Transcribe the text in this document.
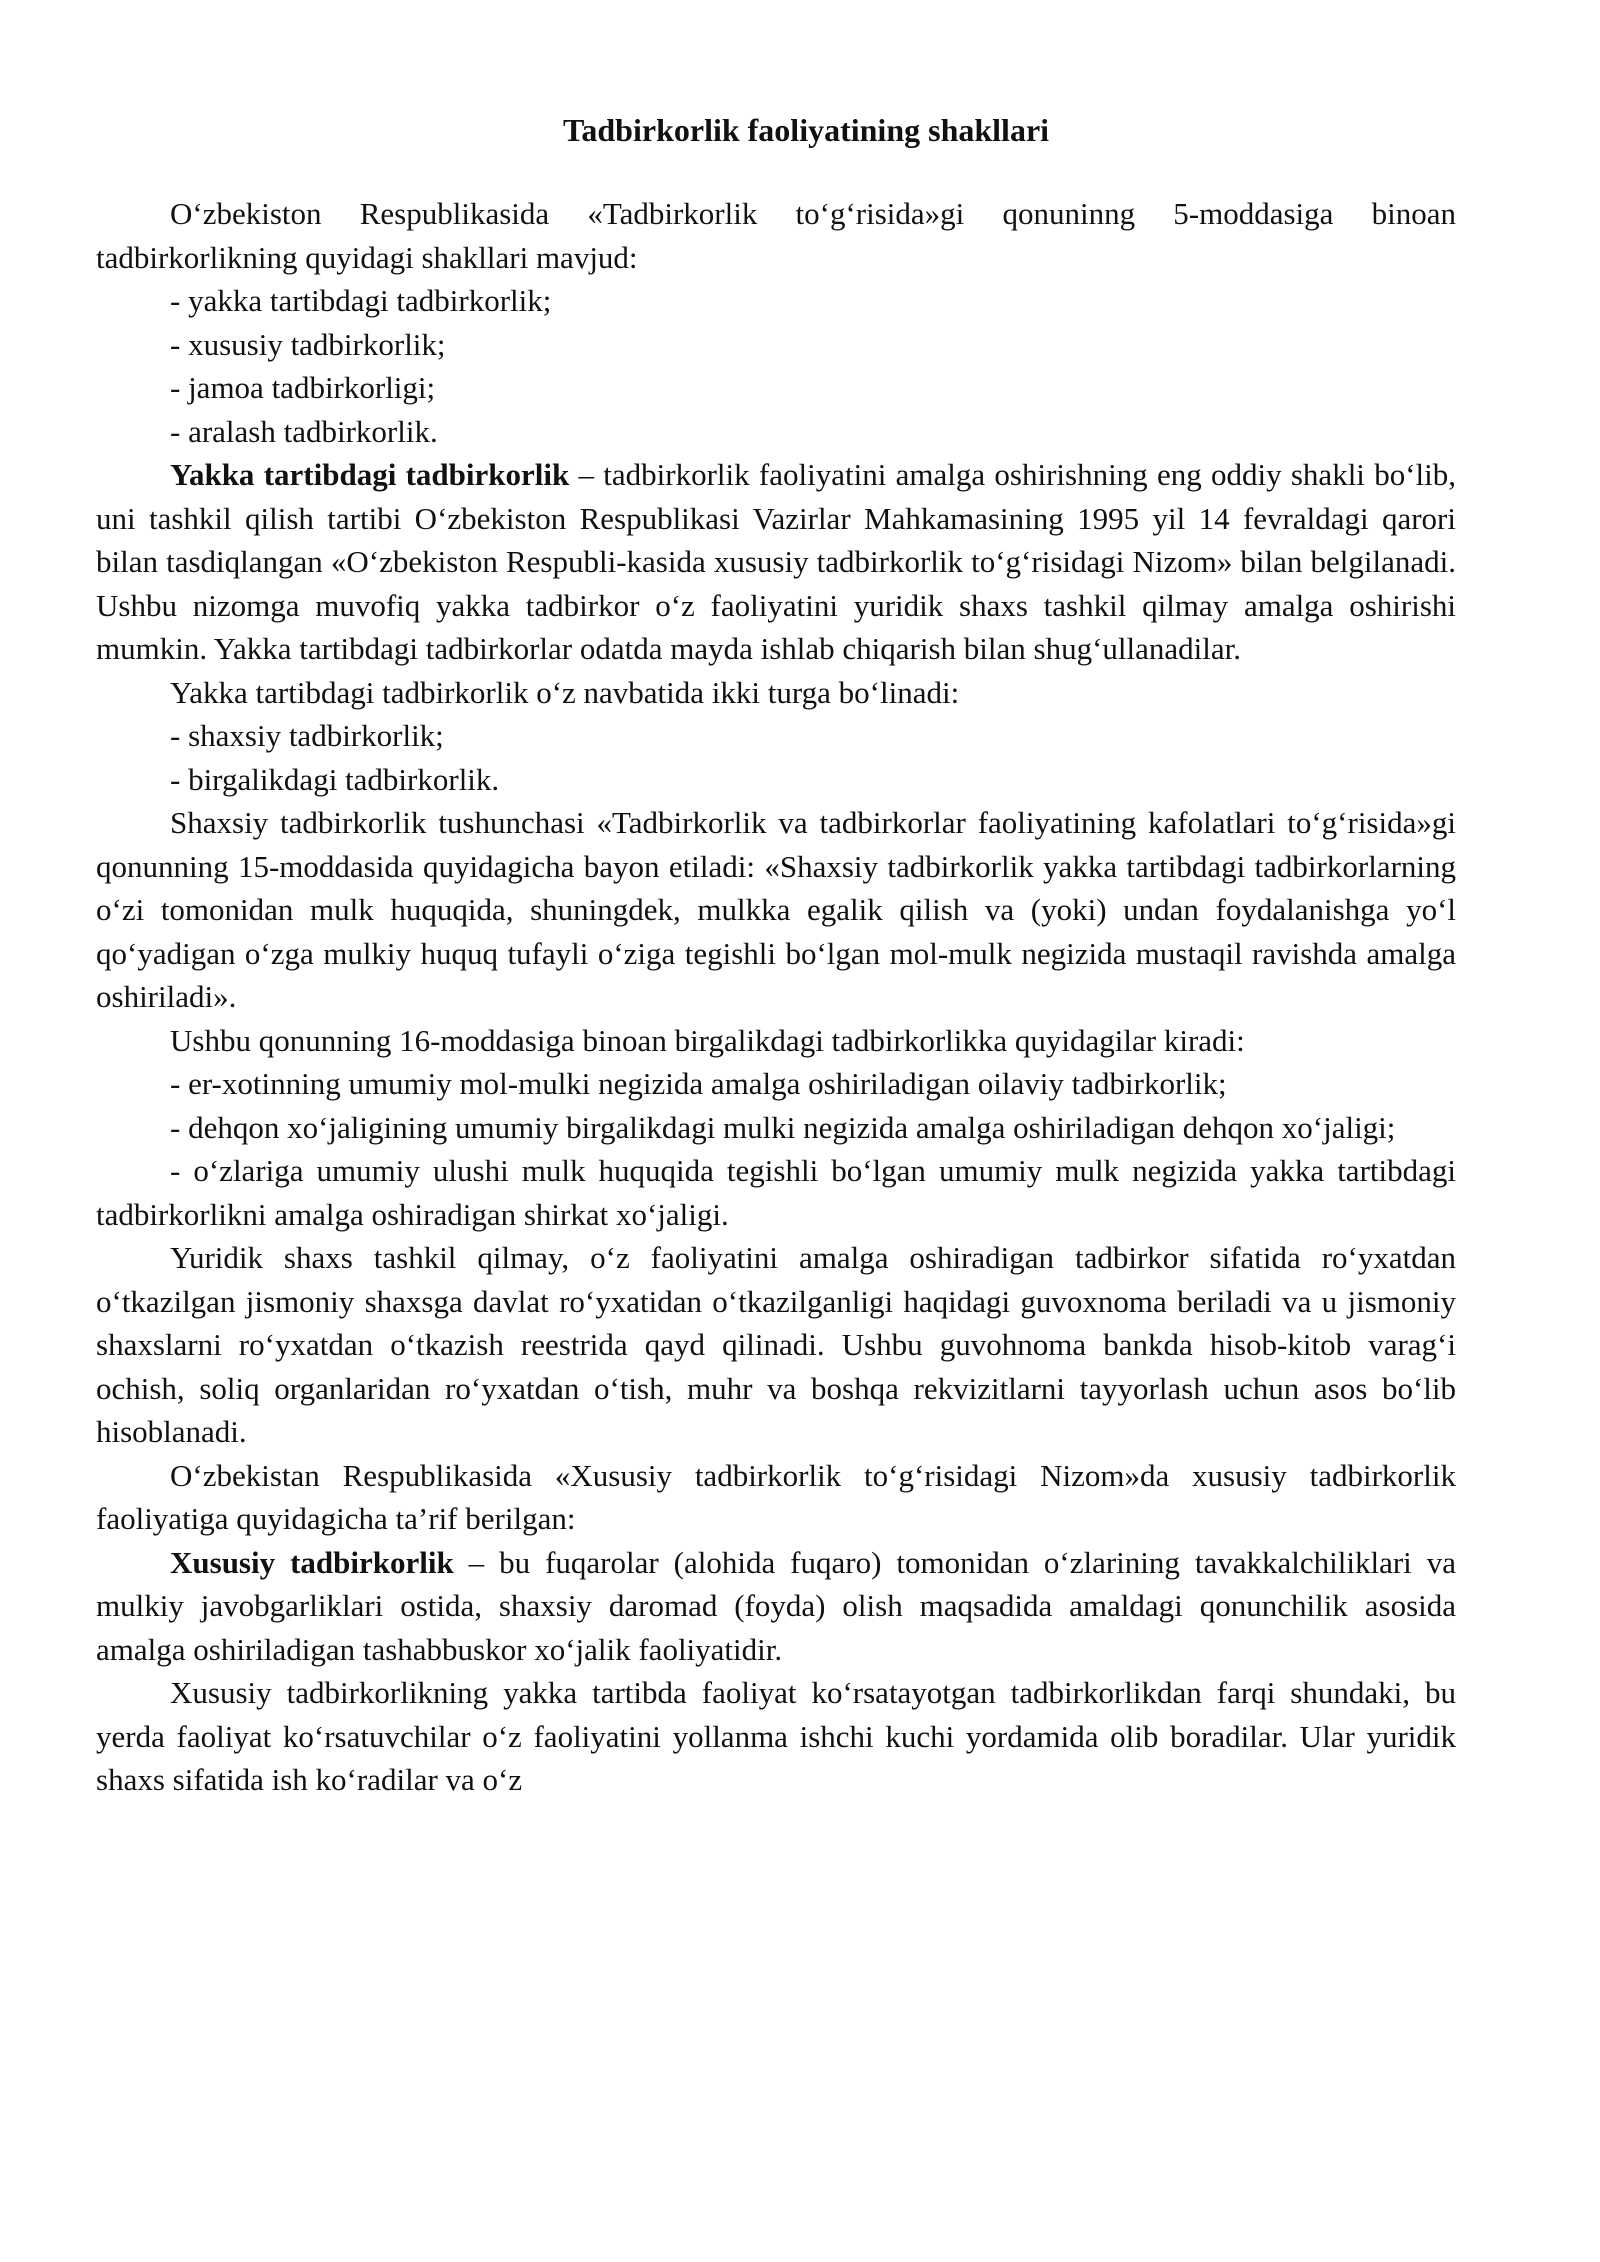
Tadbirkorlik faoliyatining shakllari

O‘zbekiston Respublikasida «Tadbirkorlik to‘g‘risida»gi qonuninng 5-moddasiga binoan tadbirkorlikning quyidagi shakllari mavjud:

- yakka tartibdagi tadbirkorlik;

- xususiy tadbirkorlik;

- jamoa tadbirkorligi;

- aralash tadbirkorlik.

Yakka tartibdagi tadbirkorlik – tadbirkorlik faoliyatini amalga oshirishning eng oddiy shakli bo‘lib, uni tashkil qilish tartibi O‘zbekiston Respublikasi Vazirlar Mahkamasining 1995 yil 14 fevraldagi qarori bilan tasdiqlangan «O‘zbekiston Respubli-kasida xususiy tadbirkorlik to‘g‘risidagi Nizom» bilan belgilanadi. Ushbu nizomga muvofiq yakka tadbirkor o‘z faoliyatini yuridik shaxs tashkil qilmay amalga oshirishi mumkin. Yakka tartibdagi tadbirkorlar odatda mayda ishlab chiqarish bilan shug‘ullanadilar.

Yakka tartibdagi tadbirkorlik o‘z navbatida ikki turga bo‘linadi:

- shaxsiy tadbirkorlik;

- birgalikdagi tadbirkorlik.

Shaxsiy tadbirkorlik tushunchasi «Tadbirkorlik va tadbirkorlar faoliyatining kafolatlari to‘g‘risida»gi qonunning 15-moddasida quyidagicha bayon etiladi: «Shaxsiy tadbirkorlik yakka tartibdagi tadbirkorlarning o‘zi tomonidan mulk huquqida, shuningdek, mulkka egalik qilish va (yoki) undan foydalanishga yo‘l qo‘yadigan o‘zga mulkiy huquq tufayli o‘ziga tegishli bo‘lgan mol-mulk negizida mustaqil ravishda amalga oshiriladi».

Ushbu qonunning 16-moddasiga binoan birgalikdagi tadbirkorlikka quyidagilar kiradi:

- er-xotinning umumiy mol-mulki negizida amalga oshiriladigan oilaviy tadbirkorlik;

- dehqon xo‘jaligining umumiy birgalikdagi mulki negizida amalga oshiriladigan dehqon xo‘jaligi;

- o‘zlariga umumiy ulushi mulk huquqida tegishli bo‘lgan umumiy mulk negizida yakka tartibdagi tadbirkorlikni amalga oshiradigan shirkat xo‘jaligi.

Yuridik shaxs tashkil qilmay, o‘z faoliyatini amalga oshiradigan tadbirkor sifatida ro‘yxatdan o‘tkazilgan jismoniy shaxsga davlat ro‘yxatidan o‘tkazilganligi haqidagi guvoxnoma beriladi va u jismoniy shaxslarni ro‘yxatdan o‘tkazish reestrida qayd qilinadi. Ushbu guvohnoma bankda hisob-kitob varag‘i ochish, soliq organlaridan ro‘yxatdan o‘tish, muhr va boshqa rekvizitlarni tayyorlash uchun asos bo‘lib hisoblanadi.

O‘zbekistan Respublikasida «Xususiy tadbirkorlik to‘g‘risidagi Nizom»da xususiy tadbirkorlik faoliyatiga quyidagicha ta’rif berilgan:

Xususiy tadbirkorlik – bu fuqarolar (alohida fuqaro) tomonidan o‘zlarining tavakkalchiliklari va mulkiy javobgarliklari ostida, shaxsiy daromad (foyda) olish maqsadida amaldagi qonunchilik asosida amalga oshiriladigan tashabbuskor xo‘jalik faoliyatidir.

Xususiy tadbirkorlikning yakka tartibda faoliyat ko‘rsatayotgan tadbirkorlikdan farqi shundaki, bu yerda faoliyat ko‘rsatuvchilar o‘z faoliyatini yollanma ishchi kuchi yordamida olib boradilar. Ular yuridik shaxs sifatida ish ko‘radilar va o‘z
